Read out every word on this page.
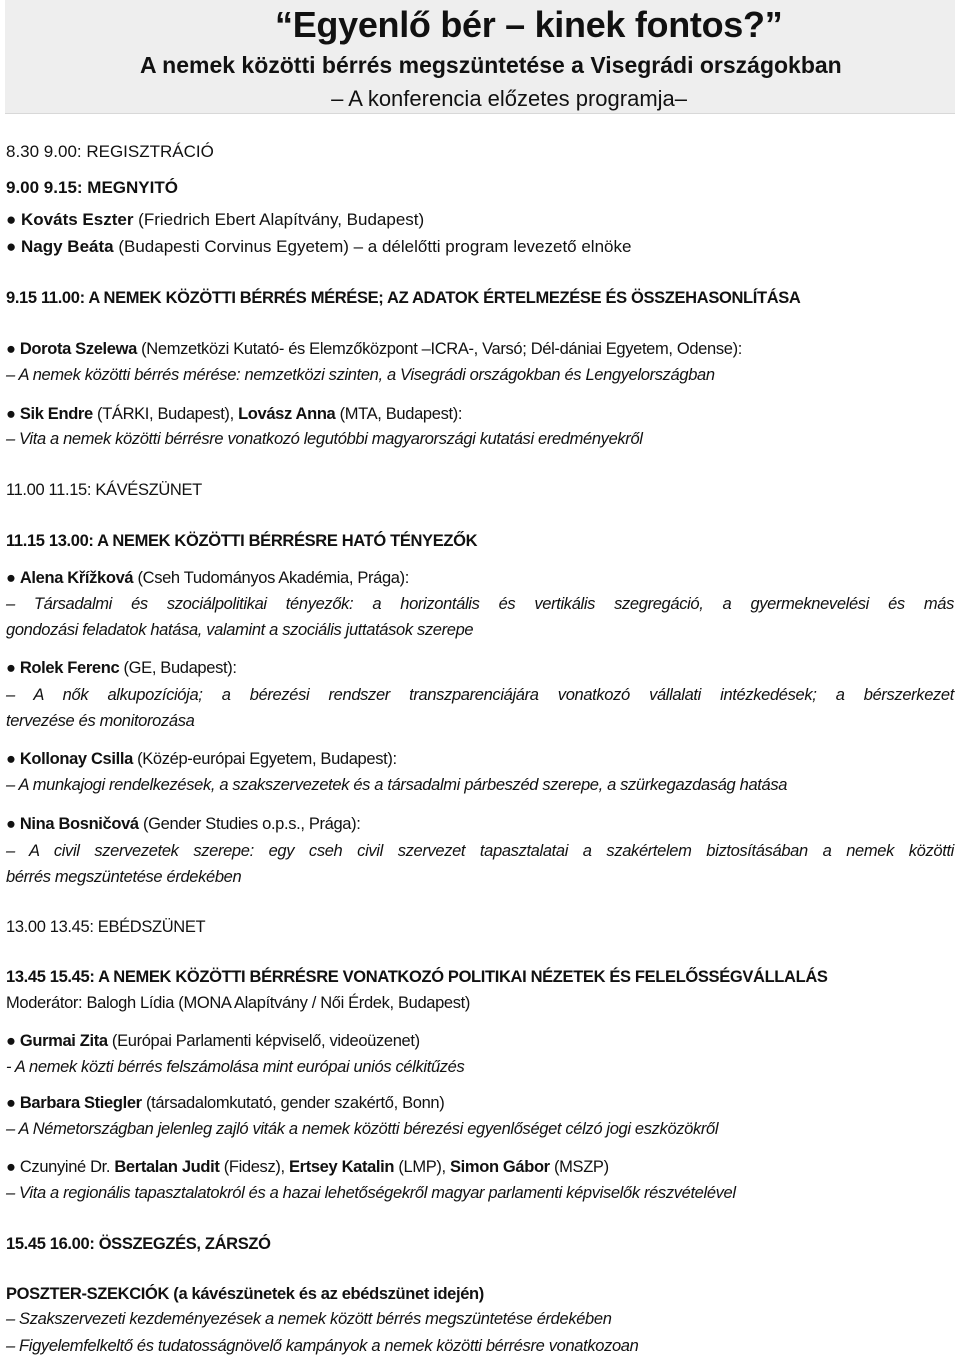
“Egyenlő bér – kinek fontos?”
A nemek közötti bérrés megszüntetése a Visegrádi országokban
– A konferencia előzetes programja–
8.30 9.00: REGISZTRÁCIÓ
9.00 9.15: MEGNYITÓ
● Kováts Eszter (Friedrich Ebert Alapítvány, Budapest)
● Nagy Beáta (Budapesti Corvinus Egyetem) – a délelőtti program levezető elnöke
9.15 11.00: A NEMEK KÖZÖTTI BÉRRÉS MÉRÉSE; AZ ADATOK ÉRTELMEZÉSE ÉS ÖSSZEHASONLÍTÁSA
● Dorota Szelewa (Nemzetközi Kutató- és Elemzőközpont –ICRA-, Varsó; Dél-dániai Egyetem, Odense):
– A nemek közötti bérrés mérése: nemzetközi szinten, a Visegrádi országokban és Lengyelországban
● Sik Endre (TÁRKI, Budapest), Lovász Anna (MTA, Budapest):
– Vita a nemek közötti bérrésre vonatkozó legutóbbi magyarországi kutatási eredményekről
11.00 11.15: KÁVÉSZÜNET
11.15 13.00: A NEMEK KÖZÖTTI BÉRRÉSRE HATÓ TÉNYEZŐK
● Alena Křížková (Cseh Tudományos Akadémia, Prága):
– Társadalmi és szociálpolitikai tényezők: a horizontális és vertikális szegregáció, a gyermeknevelési és más
gondozási feladatok hatása, valamint a szociális juttatások szerepe
● Rolek Ferenc (GE, Budapest):
– A nők alkupozíciója; a bérezési rendszer transzparenciájára vonatkozó vállalati intézkedések; a bérszerkezet
tervezése és monitorozása
● Kollonay Csilla (Közép-európai Egyetem, Budapest):
– A munkajogi rendelkezések, a szakszervezetek és a társadalmi párbeszéd szerepe, a szürkegazdaság hatása
● Nina Bosničová (Gender Studies o.p.s., Prága):
– A civil szervezetek szerepe: egy cseh civil szervezet tapasztalatai a szakértelem biztosításában a nemek közötti
bérrés megszüntetése érdekében
13.00 13.45: EBÉDSZÜNET
13.45 15.45: A NEMEK KÖZÖTTI BÉRRÉSRE VONATKOZÓ POLITIKAI NÉZETEK ÉS FELELŐSSÉGVÁLLALÁS
Moderátor: Balogh Lídia (MONA Alapítvány / Női Érdek, Budapest)
● Gurmai Zita (Európai Parlamenti képviselő, videoüzenet)
- A nemek közti bérrés felszámolása mint európai uniós célkitűzés
● Barbara Stiegler (társadalomkutató, gender szakértő, Bonn)
– A Németországban jelenleg zajló viták a nemek közötti bérezési egyenlőséget célzó jogi eszközökről
● Czunyiné Dr. Bertalan Judit (Fidesz), Ertsey Katalin (LMP), Simon Gábor (MSZP)
– Vita a regionális tapasztalatokról és a hazai lehetőségekről magyar parlamenti képviselők részvételével
15.45 16.00: ÖSSZEGZÉS, ZÁRSZÓ
POSZTER-SZEKCIÓK (a kávészünetek és az ebédszünet idején)
– Szakszervezeti kezdeményezések a nemek között bérrés megszüntetése érdekében
– Figyelemfelkeltő és tudatosságnövelő kampányok a nemek közötti bérrésre vonatkozoan
